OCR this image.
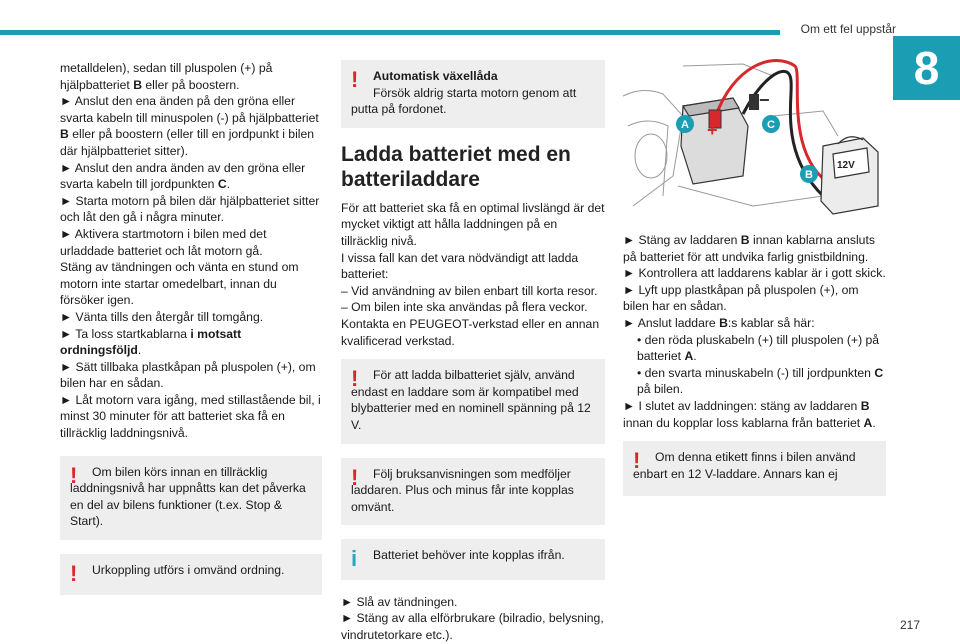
Om ett fel uppstår
8

metalldelen), sedan till pluspolen (+) på hjälpbatteriet B eller på boostern.

► Anslut den ena änden på den gröna eller svarta kabeln till minuspolen (-) på hjälpbatteriet B eller på boostern (eller till en jordpunkt i bilen där hjälpbatteriet sitter).

► Anslut den andra änden av den gröna eller svarta kabeln till jordpunkten C.

► Starta motorn på bilen där hjälpbatteriet sitter och låt den gå i några minuter.

► Aktivera startmotorn i bilen med det urladdade batteriet och låt motorn gå.

Stäng av tändningen och vänta en stund om motorn inte startar omedelbart, innan du försöker igen.

► Vänta tills den återgår till tomgång.

► Ta loss startkablarna i motsatt ordningsföljd.

► Sätt tillbaka plastkåpan på pluspolen (+), om bilen har en sådan.

► Låt motorn vara igång, med stillastående bil, i minst 30 minuter för att batteriet ska få en tillräcklig laddningsnivå.

!	Om bilen körs innan en tillräcklig laddningsnivå har uppnåtts kan det påverka en del av bilens funktioner (t.ex. Stop & Start).

!	Urkoppling utförs i omvänd ordning.

!	Automatisk växellåda

Försök aldrig starta motorn genom att putta på fordonet.

Ladda batteriet med en batteriladdare

För att batteriet ska få en optimal livslängd är det mycket viktigt att hålla laddningen på en tillräcklig nivå.

I vissa fall kan det vara nödvändigt att ladda batteriet:

– Vid användning av bilen enbart till korta resor.

– Om bilen inte ska användas på flera veckor.

Kontakta en PEUGEOT-verkstad eller en annan kvalificerad verkstad.

!	För att ladda bilbatteriet själv, använd endast en laddare som är kompatibel med blybatterier med en nominell spänning på 12 V.

!	Följ bruksanvisningen som medföljer laddaren. Plus och minus får inte kopplas omvänt.

i	Batteriet behöver inte kopplas ifrån.

► Slå av tändningen.

► Stäng av alla elförbrukare (bilradio, belysning, vindrutetorkare etc.).

+
−
12V
A	C
B

► Stäng av laddaren B innan kablarna ansluts på batteriet för att undvika farlig gnistbildning.

► Kontrollera att laddarens kablar är i gott skick.

► Lyft upp plastkåpan på pluspolen (+), om bilen har en sådan.

► Anslut laddare B:s kablar så här:

• den röda pluskabeln (+) till pluspolen (+) på batteriet A.

• den svarta minuskabeln (-) till jordpunkten C på bilen.

► I slutet av laddningen: stäng av laddaren B innan du kopplar loss kablarna från batteriet A.

!	Om denna etikett finns i bilen använd enbart en 12 V-laddare. Annars kan ej

217
